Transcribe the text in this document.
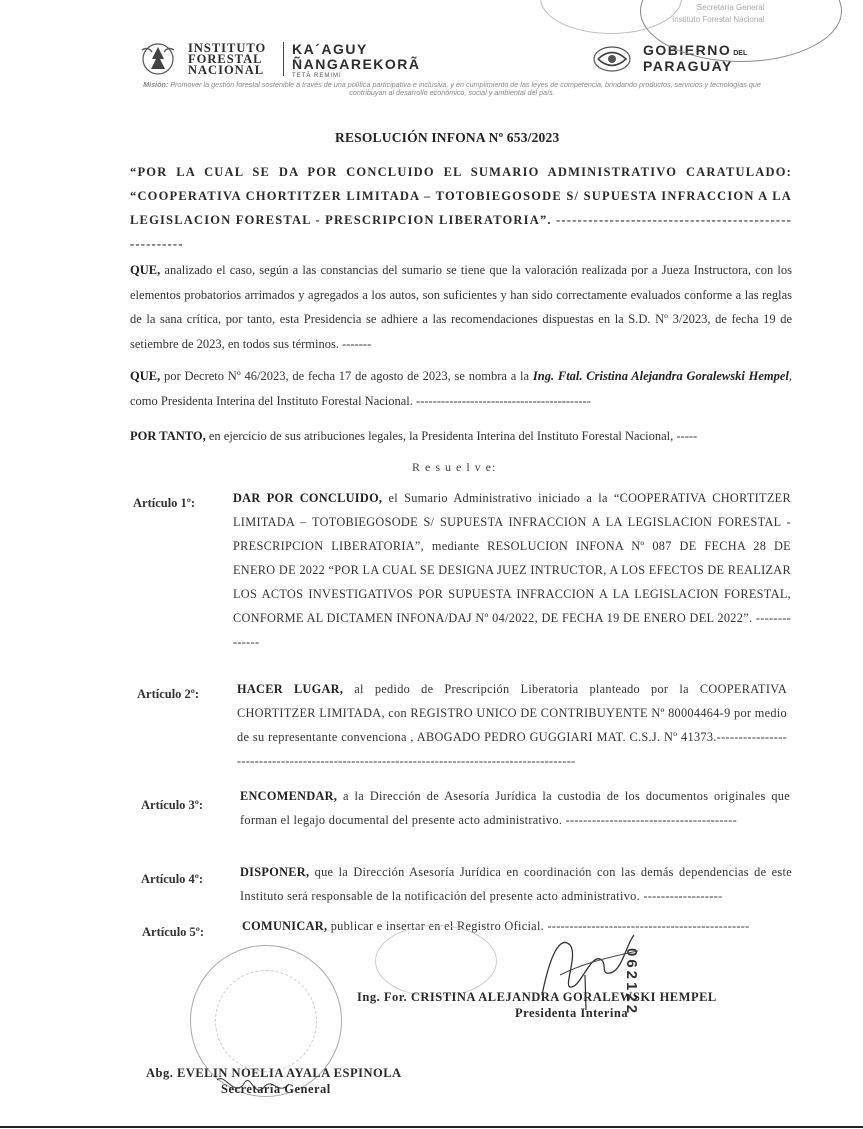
INSTITUTO
FORESTAL
NACIONAL
KA´AGUY
ÑANGAREKORÃ
TETÃ REMIMI
GOBIERNO DEL
PARAGUAY
Misión: Promover la gestión forestal sostenible a través de una política participativa e inclusiva, y en cumplimiento de las leyes de competencia, brindando productos, servicios y tecnologías que contribuyan al desarrollo económico, social y ambiental del país.
Secretaría General
Instituto Forestal Nacional
RESOLUCIÓN INFONA Nº 653/2023
“POR LA CUAL SE DA POR CONCLUIDO EL SUMARIO ADMINISTRATIVO CARATULADO: “COOPERATIVA CHORTITZER LIMITADA – TOTOBIEGOSODE S/ SUPUESTA INFRACCION A LA LEGISLACION FORESTAL - PRESCRIPCION LIBERATORIA”. ------------------------------------------------------
QUE, analizado el caso, según a las constancias del sumario se tiene que la valoración realizada por a Jueza Instructora, con los elementos probatorios arrimados y agregados a los autos, son suficientes y han sido correctamente evaluados conforme a las reglas de la sana crítica, por tanto, esta Presidencia se adhiere a las recomendaciones dispuestas en la S.D. Nº 3/2023, de fecha 19 de setiembre de 2023, en todos sus términos. -------
QUE, por Decreto Nº 46/2023, de fecha 17 de agosto de 2023, se nombra a la Ing. Ftal. Cristina Alejandra Goralewski Hempel, como Presidenta Interina del Instituto Forestal Nacional. ------------------------------------------
POR TANTO, en ejercicio de sus atribuciones legales, la Presidenta Interina del Instituto Forestal Nacional, -----
R e s u e l v e:
Artículo 1º:	DAR POR CONCLUIDO, el Sumario Administrativo iniciado a la “COOPERATIVA CHORTITZER LIMITADA – TOTOBIEGOSODE S/ SUPUESTA INFRACCION A LA LEGISLACION FORESTAL - PRESCRIPCION LIBERATORIA”, mediante RESOLUCION INFONA Nº 087 DE FECHA 28 DE ENERO DE 2022 “POR LA CUAL SE DESIGNA JUEZ INTRUCTOR, A LOS EFECTOS DE REALIZAR LOS ACTOS INVESTIGATIVOS POR SUPUESTA INFRACCION A LA LEGISLACION FORESTAL, CONFORME AL DICTAMEN INFONA/DAJ Nº 04/2022, DE FECHA 19 DE ENERO DEL 2022”. --------------
Artículo 2º:	HACER LUGAR, al pedido de Prescripción Liberatoria planteado por la COOPERATIVA CHORTITZER LIMITADA, con REGISTRO UNICO DE CONTRIBUYENTE Nº 80004464-9 por medio de su representante convenciona , ABOGADO PEDRO GUGGIARI MAT. C.S.J. Nº 41373.---------------------------------------------------------------------------------------------
Artículo 3º:
ENCOMENDAR, a la Dirección de Asesoría Jurídica la custodia de los documentos originales que forman el legajo documental del presente acto administrativo. ---------------------------------------
Artículo 4º:	DISPONER, que la Dirección Asesoría Jurídica en coordinación con las demás dependencias de este Instituto será responsable de la notificación del presente acto administrativo. ------------------
Artículo 5º:	COMUNICAR, publicar e insertar en el Registro Oficial. ----------------------------------------------
062122
Ing. For. CRISTINA ALEJANDRA GORALEWSKI HEMPEL
Presidenta Interina
Abg. EVELIN NOELIA AYALA ESPINOLA
Secretaría General
